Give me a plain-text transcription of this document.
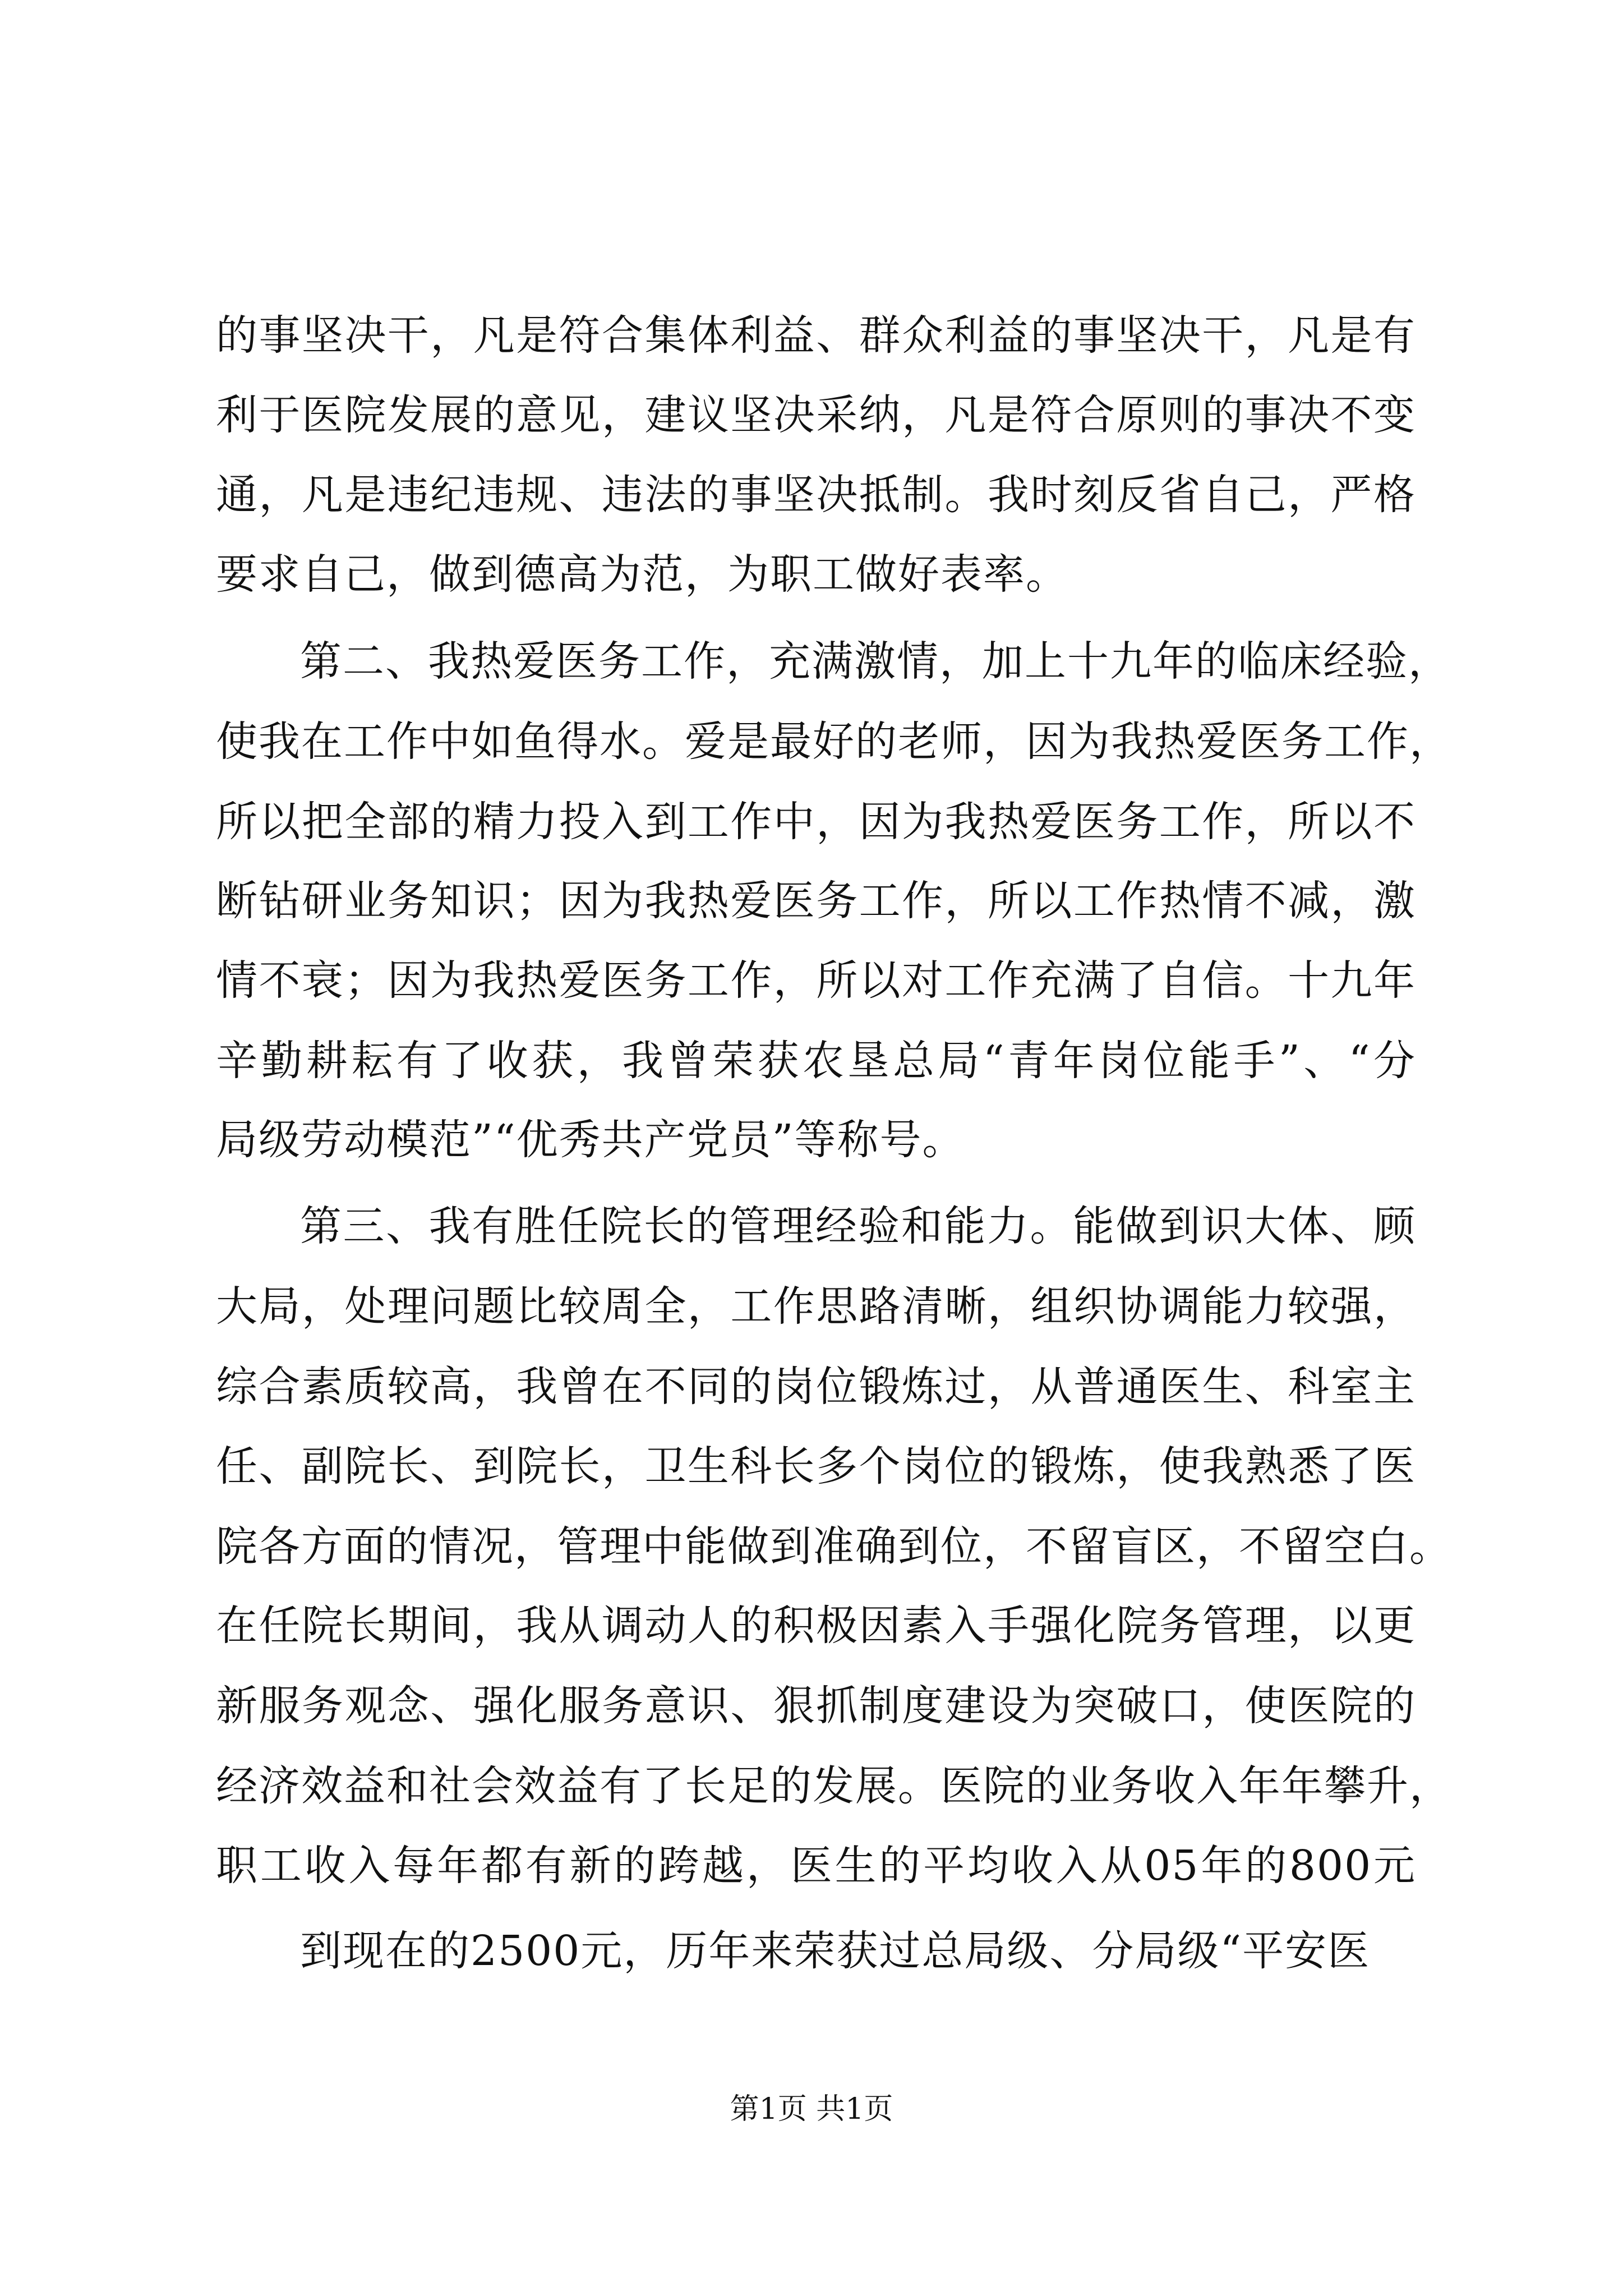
的事坚决干，凡是符合集体利益、群众利益的事坚决干，凡是有
利于医院发展的意见，建议坚决采纳，凡是符合原则的事决不变
通，凡是违纪违规、违法的事坚决抵制。我时刻反省自己，严格
要求自己，做到德高为范，为职工做好表率。
第二、我热爱医务工作，充满激情，加上十九年的临床经验，
使我在工作中如鱼得水。爱是最好的老师，因为我热爱医务工作，
所以把全部的精力投入到工作中，因为我热爱医务工作，所以不
断钻研业务知识；因为我热爱医务工作，所以工作热情不减，激
情不衰；因为我热爱医务工作，所以对工作充满了自信。十九年
辛勤耕耘有了收获，我曾荣获农垦总局“青年岗位能手”、“分
局级劳动模范”“优秀共产党员”等称号。
第三、我有胜任院长的管理经验和能力。能做到识大体、顾
大局，处理问题比较周全，工作思路清晰，组织协调能力较强，
综合素质较高，我曾在不同的岗位锻炼过，从普通医生、科室主
任、副院长、到院长，卫生科长多个岗位的锻炼，使我熟悉了医
院各方面的情况，管理中能做到准确到位，不留盲区，不留空白。
在任院长期间，我从调动人的积极因素入手强化院务管理，以更
新服务观念、强化服务意识、狠抓制度建设为突破口，使医院的
经济效益和社会效益有了长足的发展。医院的业务收入年年攀升，
职工收入每年都有新的跨越，医生的平均收入从05年的800元
到现在的2500元，历年来荣获过总局级、分局级“平安医
第1页 共1页
